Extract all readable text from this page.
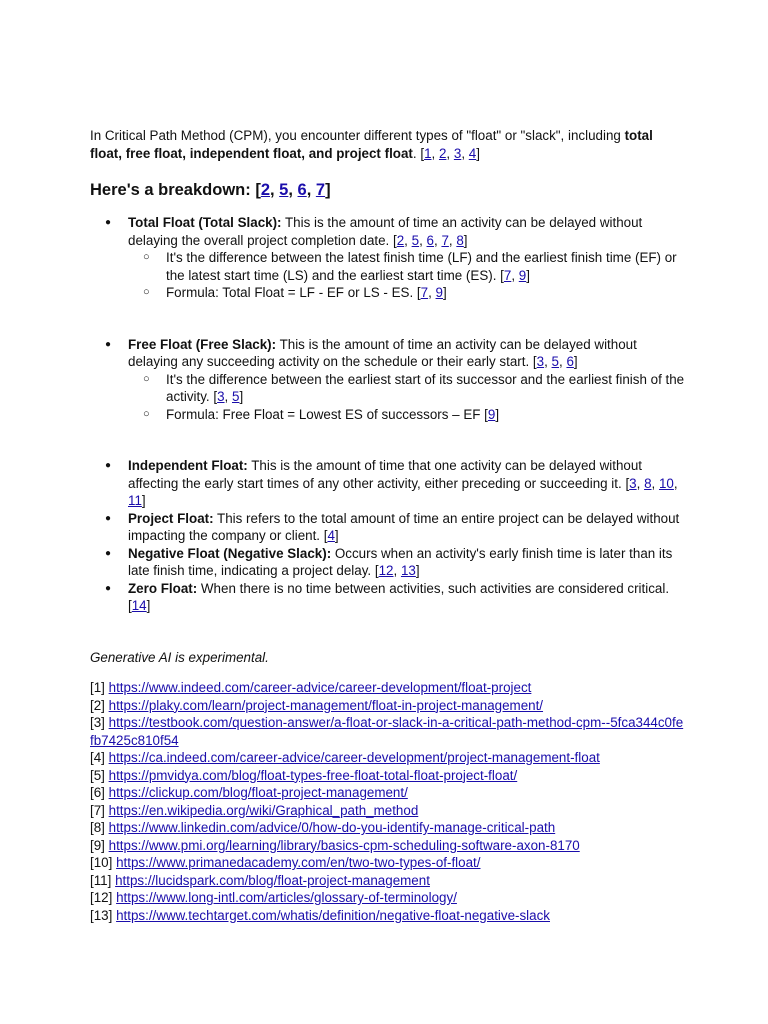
In Critical Path Method (CPM), you encounter different types of "float" or "slack", including total float, free float, independent float, and project float. [1, 2, 3, 4]

Here's a breakdown: [2, 5, 6, 7]
● Total Float (Total Slack): This is the amount of time an activity can be delayed without delaying the overall project completion date. [2, 5, 6, 7, 8]
○ It's the difference between the latest finish time (LF) and the earliest finish time (EF) or the latest start time (LS) and the earliest start time (ES). [7, 9]
○ Formula: Total Float = LF - EF or LS - ES. [7, 9]
● Free Float (Free Slack): This is the amount of time an activity can be delayed without delaying any succeeding activity on the schedule or their early start. [3, 5, 6]
○ It's the difference between the earliest start of its successor and the earliest finish of the activity. [3, 5]
○ Formula: Free Float = Lowest ES of successors – EF [9]
● Independent Float: This is the amount of time that one activity can be delayed without affecting the early start times of any other activity, either preceding or succeeding it. [3, 8, 10, 11]
● Project Float: This refers to the total amount of time an entire project can be delayed without impacting the company or client. [4]
● Negative Float (Negative Slack): Occurs when an activity's early finish time is later than its late finish time, indicating a project delay. [12, 13]
● Zero Float: When there is no time between activities, such activities are considered critical. [14]

Generative AI is experimental.

[1] https://www.indeed.com/career-advice/career-development/float-project
[2] https://plaky.com/learn/project-management/float-in-project-management/
[3] https://testbook.com/question-answer/a-float-or-slack-in-a-critical-path-method-cpm--5fca344c0fefb7425c810f54
[4] https://ca.indeed.com/career-advice/career-development/project-management-float
[5] https://pmvidya.com/blog/float-types-free-float-total-float-project-float/
[6] https://clickup.com/blog/float-project-management/
[7] https://en.wikipedia.org/wiki/Graphical_path_method
[8] https://www.linkedin.com/advice/0/how-do-you-identify-manage-critical-path
[9] https://www.pmi.org/learning/library/basics-cpm-scheduling-software-axon-8170
[10] https://www.primanedacademy.com/en/two-two-types-of-float/
[11] https://lucidspark.com/blog/float-project-management
[12] https://www.long-intl.com/articles/glossary-of-terminology/
[13] https://www.techtarget.com/whatis/definition/negative-float-negative-slack
